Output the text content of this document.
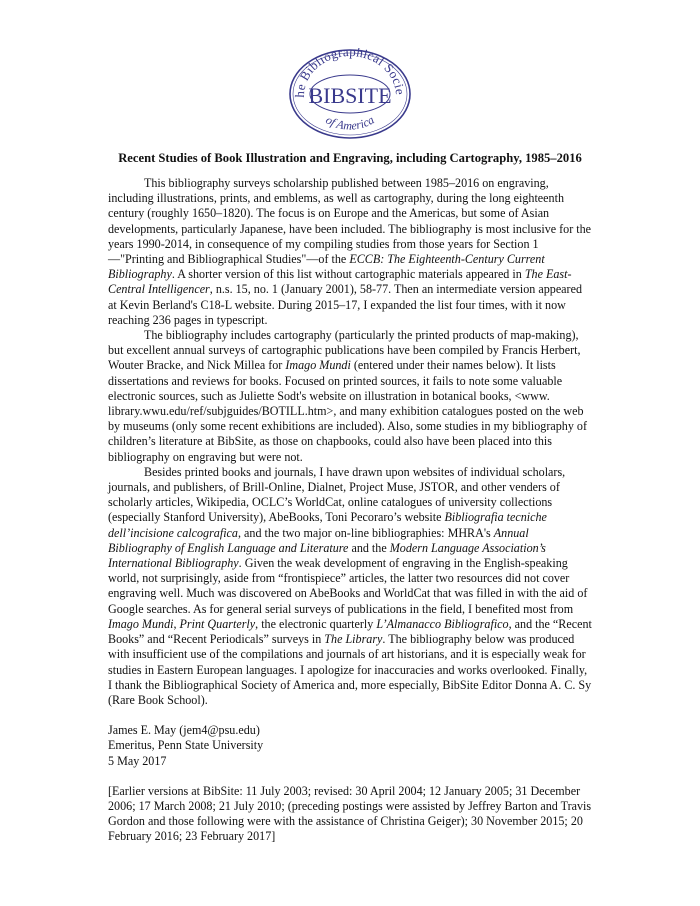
he Bibliographical Socie
of America
BIBSITE
Recent Studies of Book Illustration and Engraving, including Cartography, 1985–2016

This bibliography surveys scholarship published between 1985–2016 on engraving, including illustrations, prints, and emblems, as well as cartography, during the long eighteenth century (roughly 1650–1820). The focus is on Europe and the Americas, but some of Asian developments, particularly Japanese, have been included. The bibliography is most inclusive for the years 1990-2014, in consequence of my compiling studies from those years for Section 1—"Printing and Bibliographical Studies"—of the ECCB: The Eighteenth-Century Current Bibliography. A shorter version of this list without cartographic materials appeared in The East-Central Intelligencer, n.s. 15, no. 1 (January 2001), 58-77. Then an intermediate version appeared at Kevin Berland's C18-L website. During 2015–17, I expanded the list four times, with it now reaching 236 pages in typescript.

The bibliography includes cartography (particularly the printed products of map-making), but excellent annual surveys of cartographic publications have been compiled by Francis Herbert, Wouter Bracke, and Nick Millea for Imago Mundi (entered under their names below). It lists dissertations and reviews for books. Focused on printed sources, it fails to note some valuable electronic sources, such as Juliette Sodt's website on illustration in botanical books, <www. library.wwu.edu/ref/subjguides/BOTILL.htm>, and many exhibition catalogues posted on the web by museums (only some recent exhibitions are included). Also, some studies in my bibliography of children’s literature at BibSite, as those on chapbooks, could also have been placed into this bibliography on engraving but were not.

Besides printed books and journals, I have drawn upon websites of individual scholars, journals, and publishers, of Brill-Online, Dialnet, Project Muse, JSTOR, and other venders of scholarly articles, Wikipedia, OCLC’s WorldCat, online catalogues of university collections (especially Stanford University), AbeBooks, Toni Pecoraro’s website Bibliografia tecniche dell’incisione calcografica, and the two major on-line bibliographies: MHRA's Annual Bibliography of English Language and Literature and the Modern Language Association’s International Bibliography. Given the weak development of engraving in the English-speaking world, not surprisingly, aside from “frontispiece” articles, the latter two resources did not cover engraving well. Much was discovered on AbeBooks and WorldCat that was filled in with the aid of Google searches. As for general serial surveys of publications in the field, I benefited most from Imago Mundi, Print Quarterly, the electronic quarterly L’Almanacco Bibliografico, and the “Recent Books” and “Recent Periodicals” surveys in The Library. The bibliography below was produced with insufficient use of the compilations and journals of art historians, and it is especially weak for studies in Eastern European languages. I apologize for inaccuracies and works overlooked. Finally, I thank the Bibliographical Society of America and, more especially, BibSite Editor Donna A. C. Sy (Rare Book School).

James E. May (jem4@psu.edu)
Emeritus, Penn State University
5 May 2017
[Earlier versions at BibSite: 11 July 2003; revised: 30 April 2004; 12 January 2005; 31 December 2006; 17 March 2008; 21 July 2010; (preceding postings were assisted by Jeffrey Barton and Travis Gordon and those following were with the assistance of Christina Geiger); 30 November 2015; 20 February 2016; 23 February 2017]
